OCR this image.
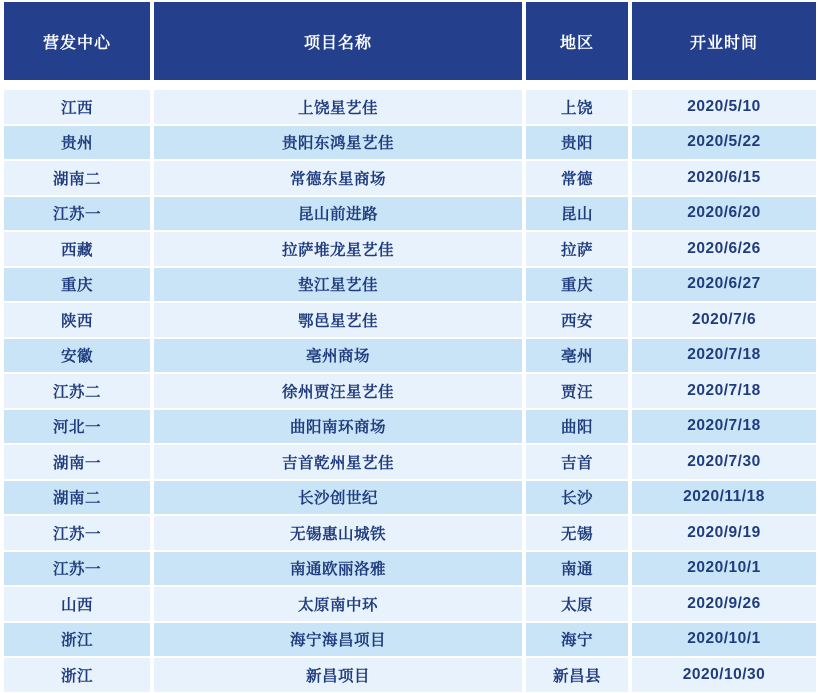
营发中心	项目名称	地区	开业时间
江西	上饶星艺佳	上饶	2020/5/10
贵州	贵阳东鸿星艺佳	贵阳	2020/5/22
湖南二	常德东星商场	常德	2020/6/15
江苏一	昆山前进路	昆山	2020/6/20
西藏	拉萨堆龙星艺佳	拉萨	2020/6/26
重庆	垫江星艺佳	重庆	2020/6/27
陕西	鄂邑星艺佳	西安	2020/7/6
安徽	亳州商场	亳州	2020/7/18
江苏二	徐州贾汪星艺佳	贾汪	2020/7/18
河北一	曲阳南环商场	曲阳	2020/7/18
湖南一	吉首乾州星艺佳	吉首	2020/7/30
湖南二	长沙创世纪	长沙	2020/11/18
江苏一	无锡惠山城铁	无锡	2020/9/19
江苏一	南通欧丽洛雅	南通	2020/10/1
山西	太原南中环	太原	2020/9/26
浙江	海宁海昌项目	海宁	2020/10/1
浙江	新昌项目	新昌县	2020/10/30
